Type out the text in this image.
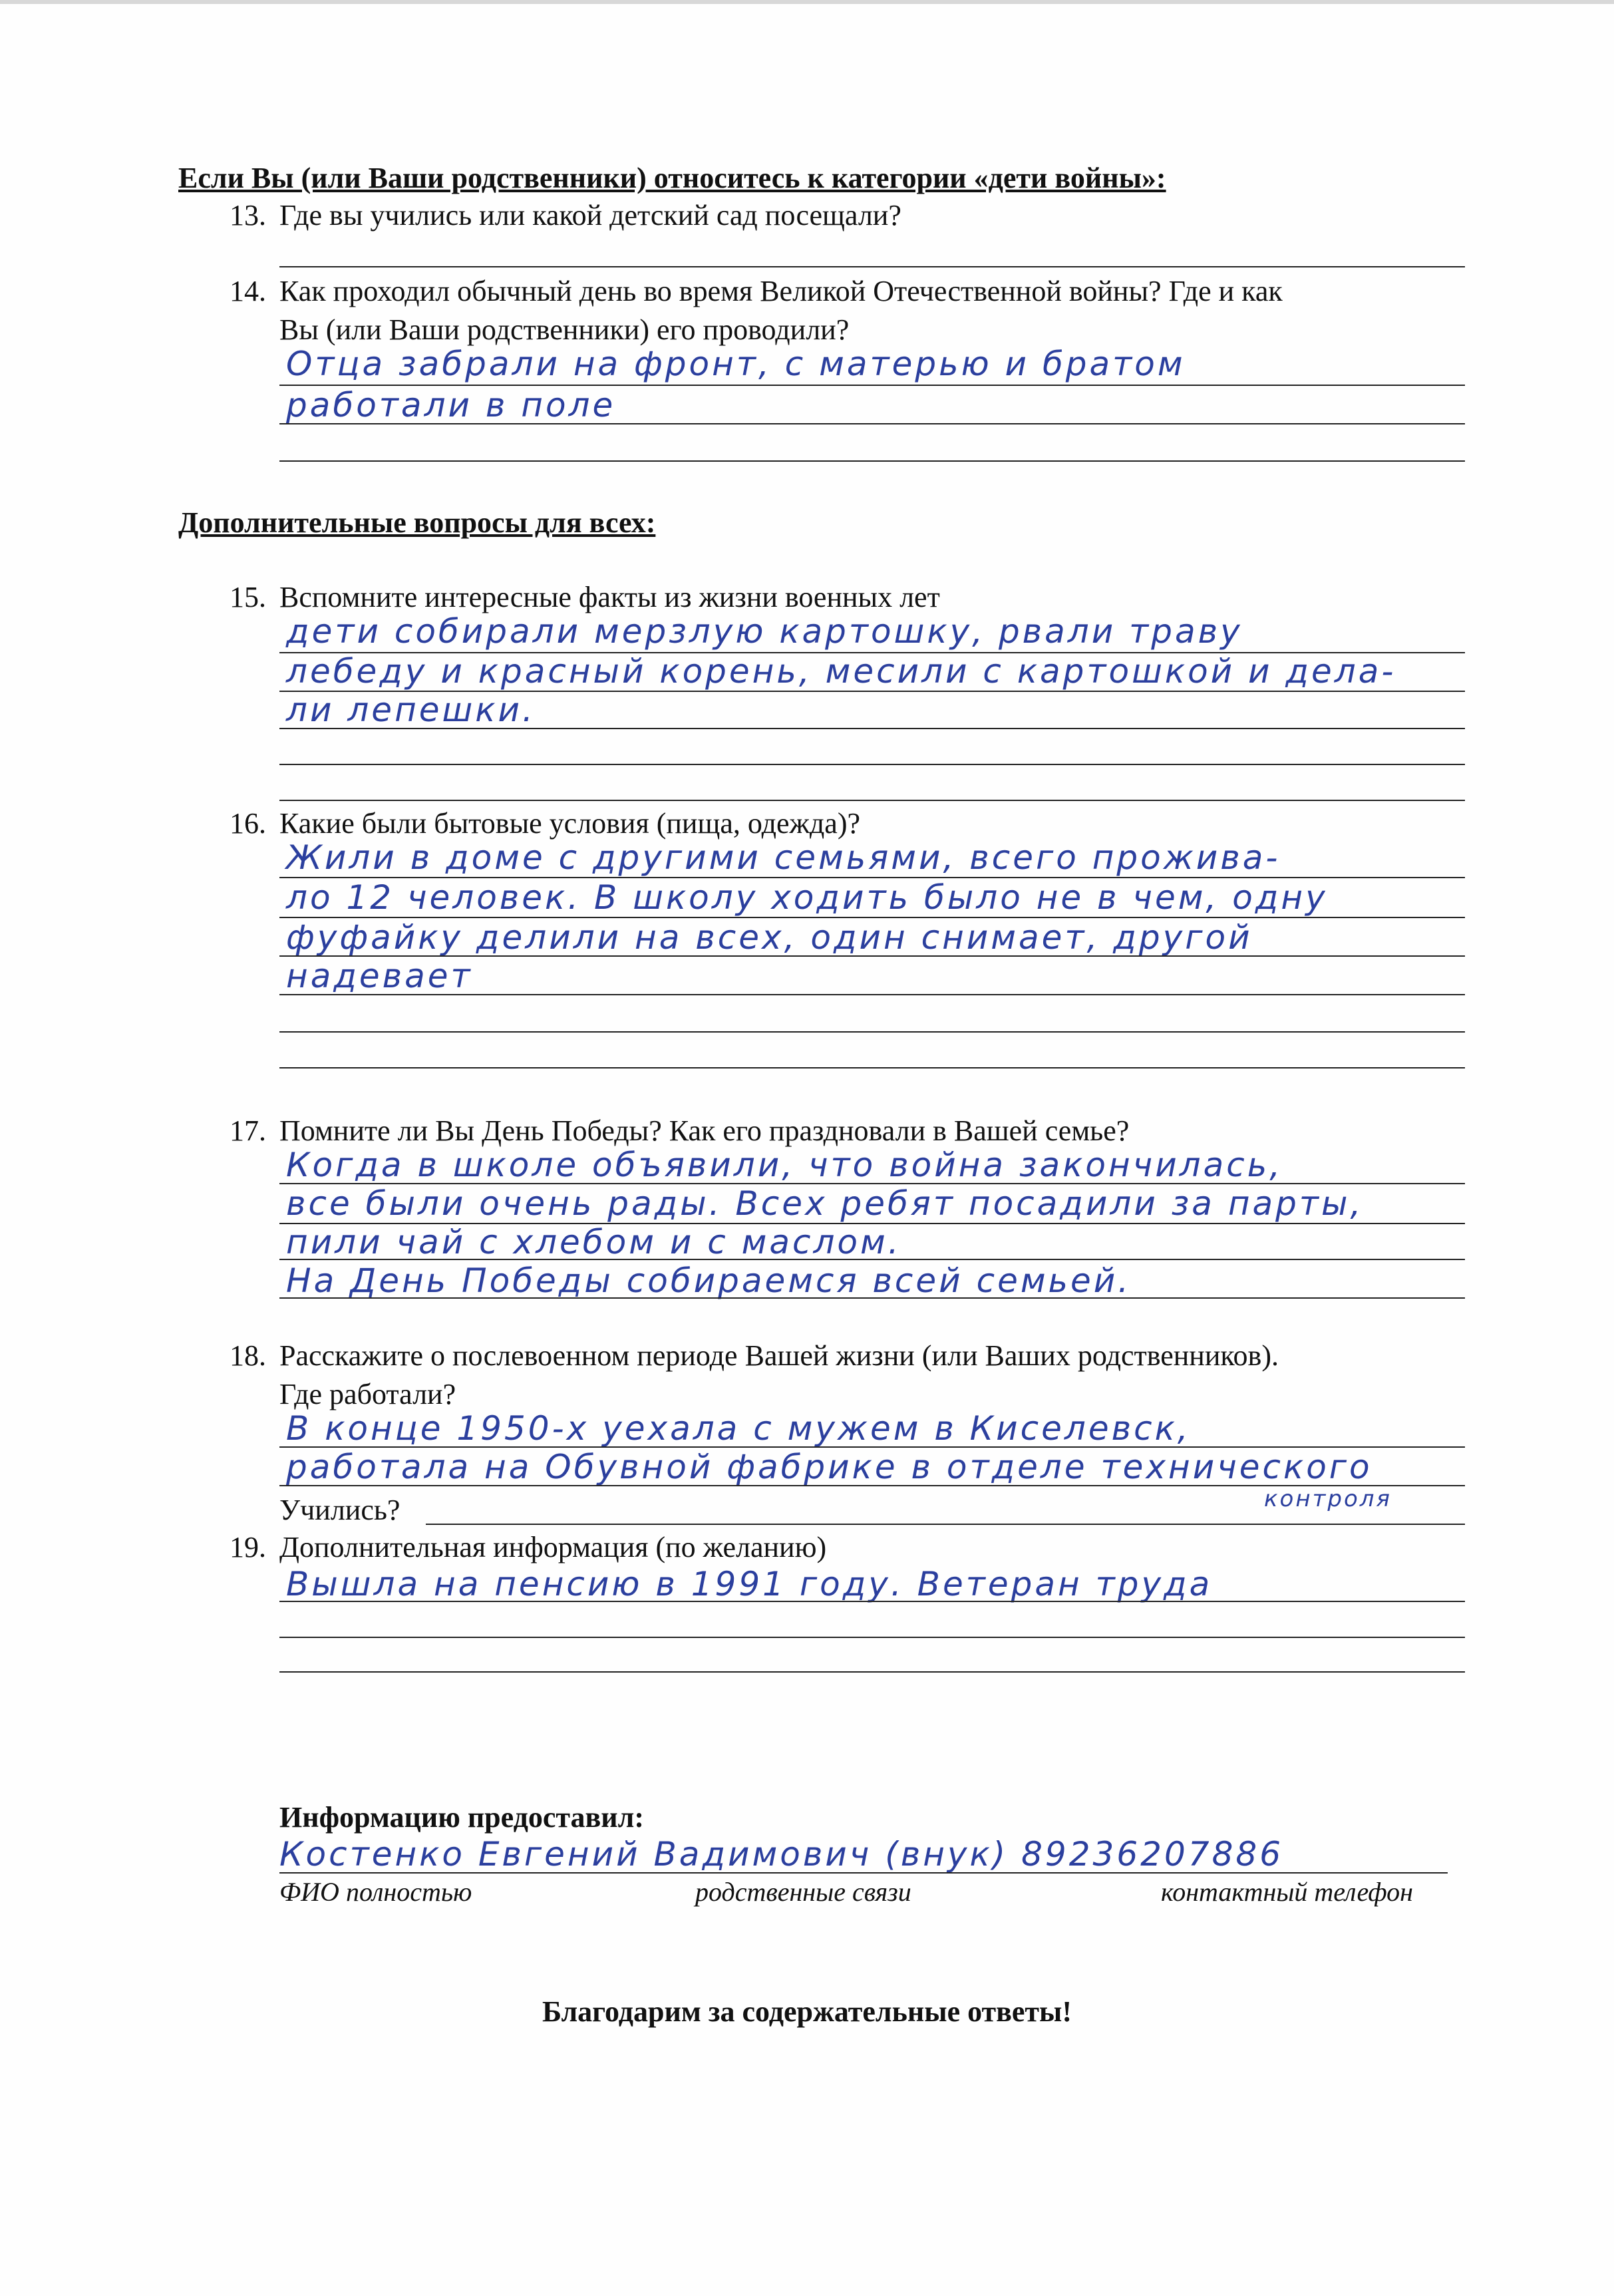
Если Вы (или Ваши родственники) относитесь к категории «дети войны»:
13. Где вы учились или какой детский сад посещали?
14. Как проходил обычный день во время Великой Отечественной войны? Где и как
Вы (или Ваши родственники) его проводили?
Отца забрали на фронт, с матерью и братом
работали в поле
Дополнительные вопросы для всех:
15. Вспомните интересные факты из жизни военных лет
дети собирали мерзлую картошку, рвали траву
лебеду и красный корень, месили с картошкой и дела-
ли лепешки.
16. Какие были бытовые условия (пища, одежда)?
Жили в доме с другими семьями, всего прожива-
ло 12 человек. В школу ходить было не в чем, одну
фуфайку делили на всех, один снимает, другой
надевает
17. Помните ли Вы День Победы? Как его праздновали в Вашей семье?
Когда в школе объявили, что война закончилась,
все были очень рады. Всех ребят посадили за парты,
пили чай с хлебом и с маслом.
На День Победы собираемся всей семьей.
18. Расскажите о послевоенном периоде Вашей жизни (или Ваших родственников).
Где работали?
В конце 1950-х уехала с мужем в Киселевск,
работала на Обувной фабрике в отделе технического
контроля
Учились?
19. Дополнительная информация (по желанию)
Вышла на пенсию в 1991 году. Ветеран труда
Информацию предоставил:
Костенко Евгений Вадимович (внук) 89236207886
ФИО полностью	родственные связи	контактный телефон
Благодарим за содержательные ответы!
